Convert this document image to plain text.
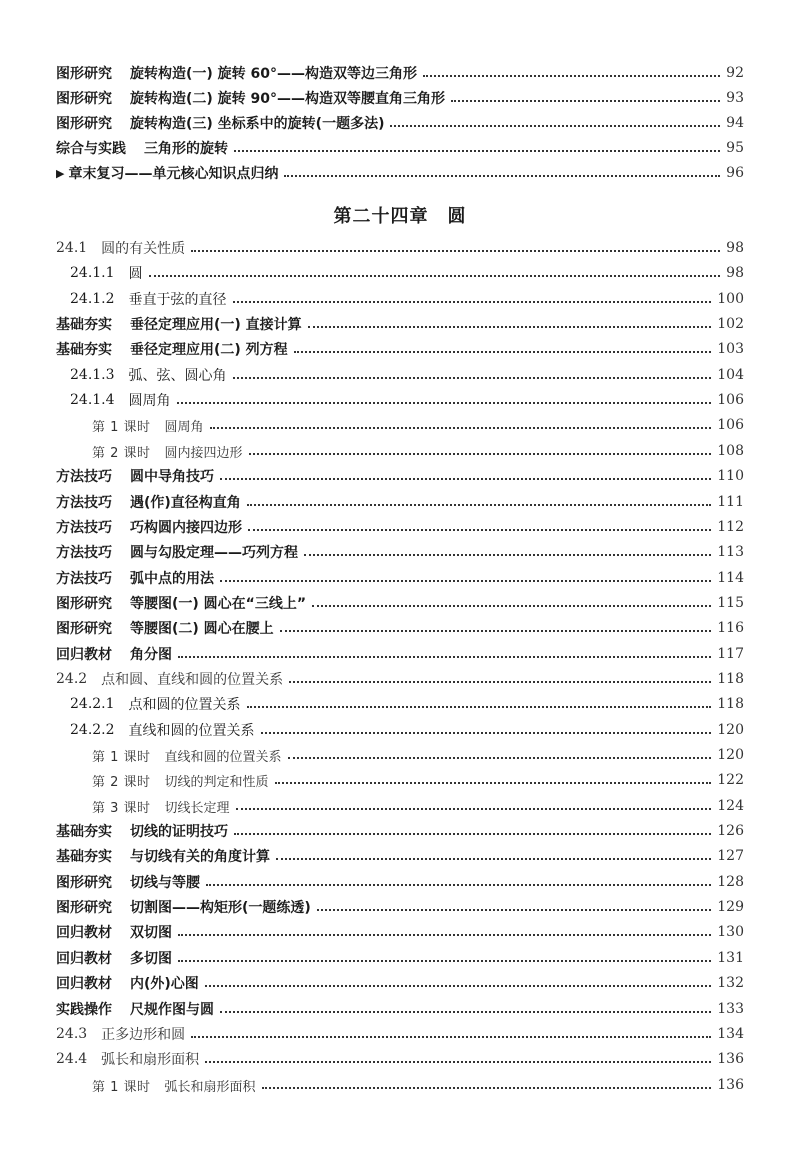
图形研究 旋转构造(一) 旋转 60°——构造双等边三角形	92
图形研究 旋转构造(二) 旋转 90°——构造双等腰直角三角形	93
图形研究 旋转构造(三) 坐标系中的旋转(一题多法)	94
综合与实践 三角形的旋转	95
▶ 章末复习——单元核心知识点归纳	96
第二十四章　圆
24.1 圆的有关性质	98
24.1.1 圆	98
24.1.2 垂直于弦的直径	100
基础夯实 垂径定理应用(一) 直接计算	102
基础夯实 垂径定理应用(二) 列方程	103
24.1.3 弧、弦、圆心角	104
24.1.4 圆周角	106
第 1 课时 圆周角	106
第 2 课时 圆内接四边形	108
方法技巧 圆中导角技巧	110
方法技巧 遇(作)直径构直角	111
方法技巧 巧构圆内接四边形	112
方法技巧 圆与勾股定理——巧列方程	113
方法技巧 弧中点的用法	114
图形研究 等腰图(一) 圆心在“三线上”	115
图形研究 等腰图(二) 圆心在腰上	116
回归教材 角分图	117
24.2 点和圆、直线和圆的位置关系	118
24.2.1 点和圆的位置关系	118
24.2.2 直线和圆的位置关系	120
第 1 课时 直线和圆的位置关系	120
第 2 课时 切线的判定和性质	122
第 3 课时 切线长定理	124
基础夯实 切线的证明技巧	126
基础夯实 与切线有关的角度计算	127
图形研究 切线与等腰	128
图形研究 切割图——构矩形(一题练透)	129
回归教材 双切图	130
回归教材 多切图	131
回归教材 内(外)心图	132
实践操作 尺规作图与圆	133
24.3 正多边形和圆	134
24.4 弧长和扇形面积	136
第 1 课时 弧长和扇形面积	136
